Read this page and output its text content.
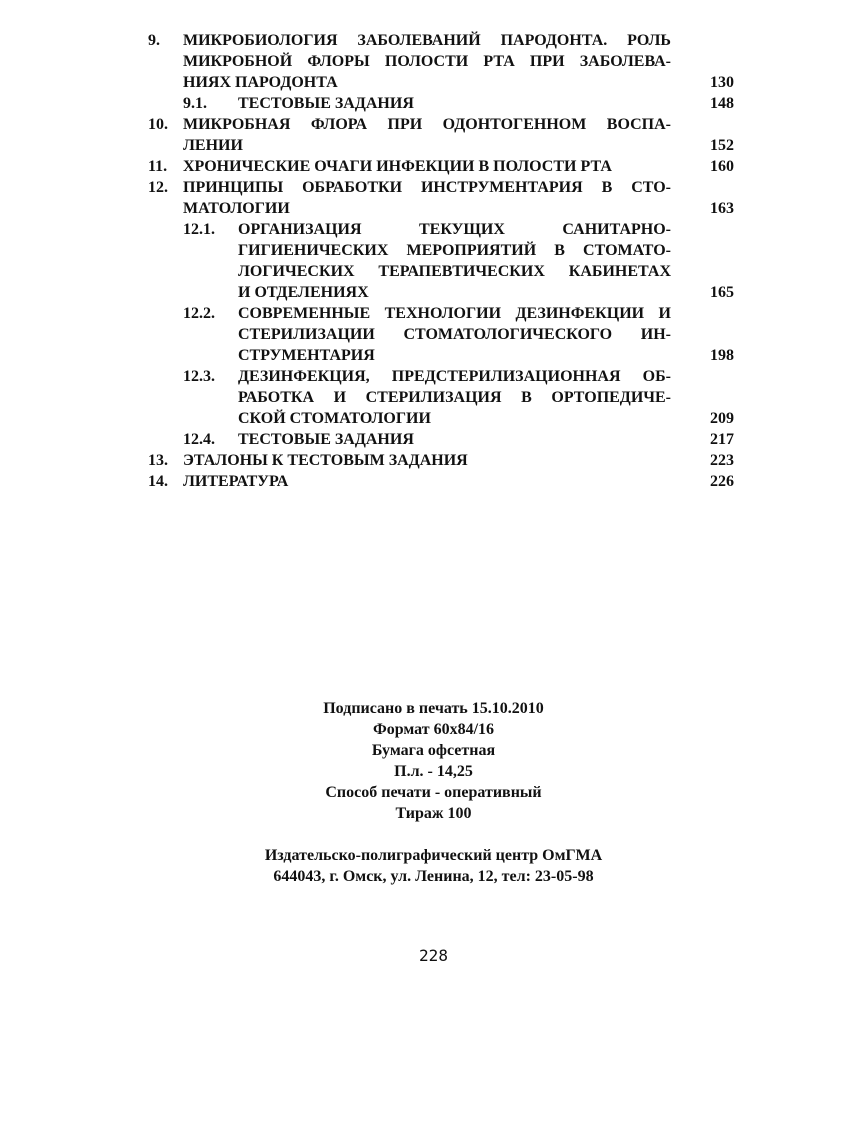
9. МИКРОБИОЛОГИЯ ЗАБОЛЕВАНИЙ ПАРОДОНТА. РОЛЬ
МИКРОБНОЙ ФЛОРЫ ПОЛОСТИ РТА ПРИ ЗАБОЛЕВА-
НИЯХ ПАРОДОНТА	130
9.1. ТЕСТОВЫЕ ЗАДАНИЯ	148
10. МИКРОБНАЯ ФЛОРА ПРИ ОДОНТОГЕННОМ ВОСПА-
ЛЕНИИ	152
11. ХРОНИЧЕСКИЕ ОЧАГИ ИНФЕКЦИИ В ПОЛОСТИ РТА	160
12. ПРИНЦИПЫ ОБРАБОТКИ ИНСТРУМЕНТАРИЯ В СТО-
МАТОЛОГИИ	163
12.1. ОРГАНИЗАЦИЯ ТЕКУЩИХ САНИТАРНО-
ГИГИЕНИЧЕСКИХ МЕРОПРИЯТИЙ В СТОМАТО-
ЛОГИЧЕСКИХ ТЕРАПЕВТИЧЕСКИХ КАБИНЕТАХ
И ОТДЕЛЕНИЯХ	165
12.2. СОВРЕМЕННЫЕ ТЕХНОЛОГИИ ДЕЗИНФЕКЦИИ И
СТЕРИЛИЗАЦИИ СТОМАТОЛОГИЧЕСКОГО ИН-
СТРУМЕНТАРИЯ	198
12.3. ДЕЗИНФЕКЦИЯ, ПРЕДСТЕРИЛИЗАЦИОННАЯ ОБ-
РАБОТКА И СТЕРИЛИЗАЦИЯ В ОРТОПЕДИЧЕ-
СКОЙ СТОМАТОЛОГИИ	209
12.4. ТЕСТОВЫЕ ЗАДАНИЯ	217
13. ЭТАЛОНЫ К ТЕСТОВЫМ ЗАДАНИЯ	223
14. ЛИТЕРАТУРА	226
Подписано в печать 15.10.2010
Формат 60х84/16
Бумага офсетная
П.л. - 14,25
Способ печати - оперативный
Тираж 100
Издательско-полиграфический центр ОмГМА
644043, г. Омск, ул. Ленина, 12, тел: 23-05-98
228
